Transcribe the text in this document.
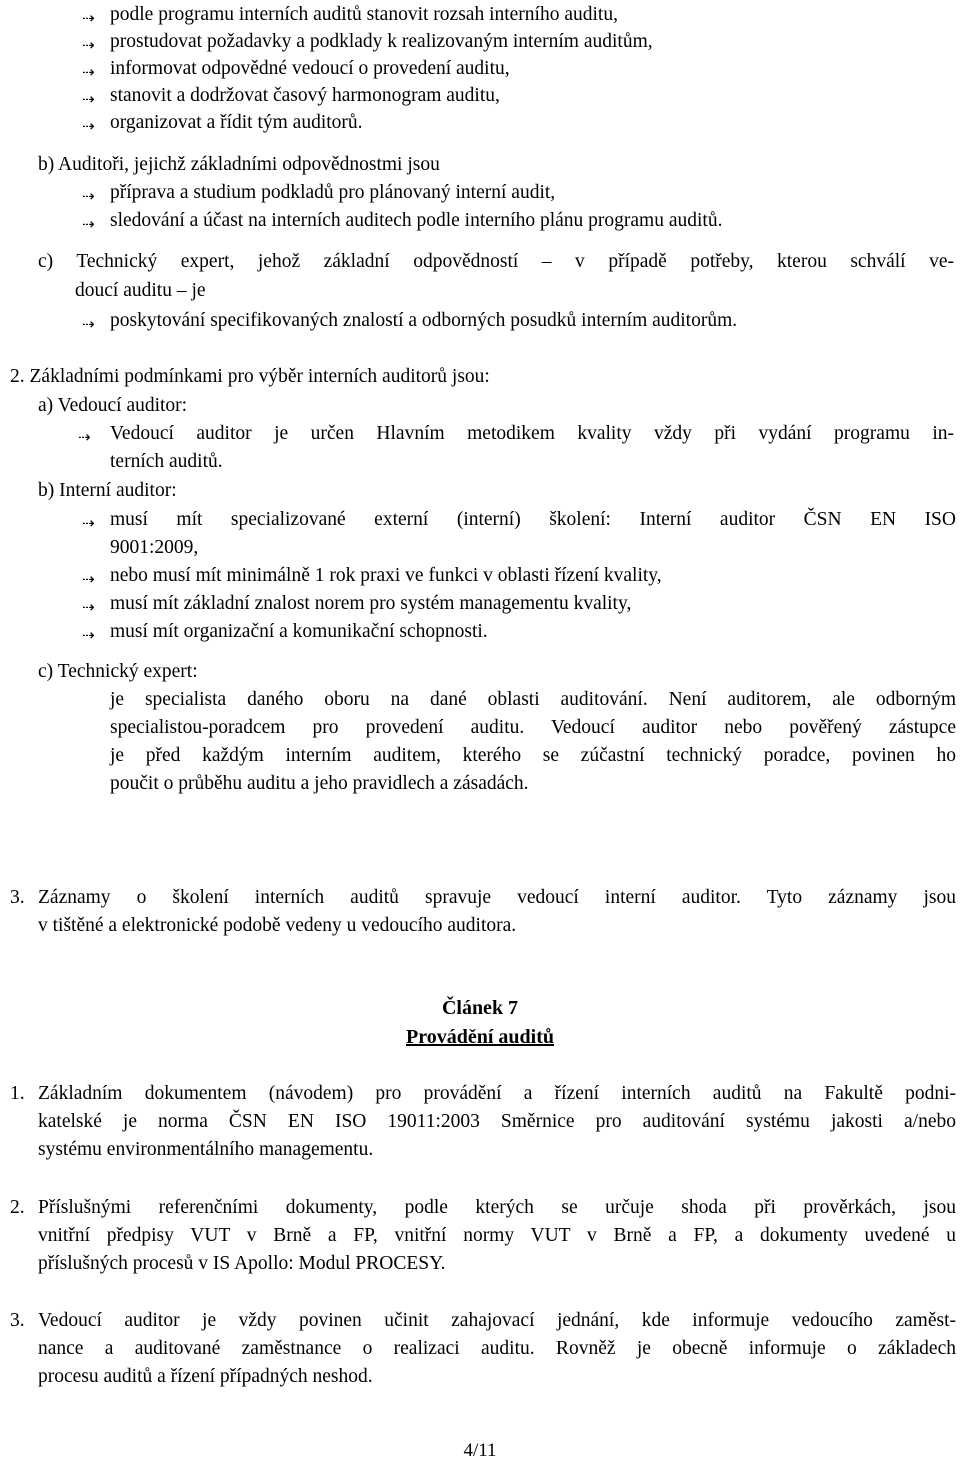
⇢ podle programu interních auditů stanovit rozsah interního auditu,
⇢ prostudovat požadavky a podklady k realizovaným interním auditům,
⇢ informovat odpovědné vedoucí o provedení auditu,
⇢ stanovit a dodržovat časový harmonogram auditu,
⇢ organizovat a řídit tým auditorů.
b) Auditoři, jejichž základními odpovědnostmi jsou
⇢ příprava a studium podkladů pro plánovaný interní audit,
⇢ sledování a účast na interních auditech podle interního plánu programu auditů.
c) Technický expert, jehož základní odpovědností – v případě potřeby, kterou schválí ve-
doucí auditu – je
⇢ poskytování specifikovaných znalostí a odborných posudků interním auditorům.
2. Základními podmínkami pro výběr interních auditorů jsou:
a) Vedoucí auditor:
⇢ Vedoucí auditor je určen Hlavním metodikem kvality vždy při vydání programu in-
terních auditů.
b) Interní auditor:
⇢ musí mít specializované externí (interní) školení: Interní auditor ČSN EN ISO
9001:2009,
⇢ nebo musí mít minimálně 1 rok praxi ve funkci v oblasti řízení kvality,
⇢ musí mít základní znalost norem pro systém managementu kvality,
⇢ musí mít organizační a komunikační schopnosti.
c) Technický expert:
je specialista daného oboru na dané oblasti auditování. Není auditorem, ale odborným
specialistou-poradcem pro provedení auditu. Vedoucí auditor nebo pověřený zástupce
je před každým interním auditem, kterého se zúčastní technický poradce, povinen ho
poučit o průběhu auditu a jeho pravidlech a zásadách.
3. Záznamy o školení interních auditů spravuje vedoucí interní auditor. Tyto záznamy jsou
v tištěné a elektronické podobě vedeny u vedoucího auditora.
Článek 7
Provádění auditů
1. Základním dokumentem (návodem) pro provádění a řízení interních auditů na Fakultě podni-
katelské je norma ČSN EN ISO 19011:2003 Směrnice pro auditování systému jakosti a/nebo
systému environmentálního managementu.
2. Příslušnými referenčními dokumenty, podle kterých se určuje shoda při prověrkách, jsou
vnitřní předpisy VUT v Brně a FP, vnitřní normy VUT v Brně a FP, a dokumenty uvedené u
příslušných procesů v IS Apollo: Modul PROCESY.
3. Vedoucí auditor je vždy povinen učinit zahajovací jednání, kde informuje vedoucího zaměst-
nance a auditované zaměstnance o realizaci auditu. Rovněž je obecně informuje o základech
procesu auditů a řízení případných neshod.
4/11
